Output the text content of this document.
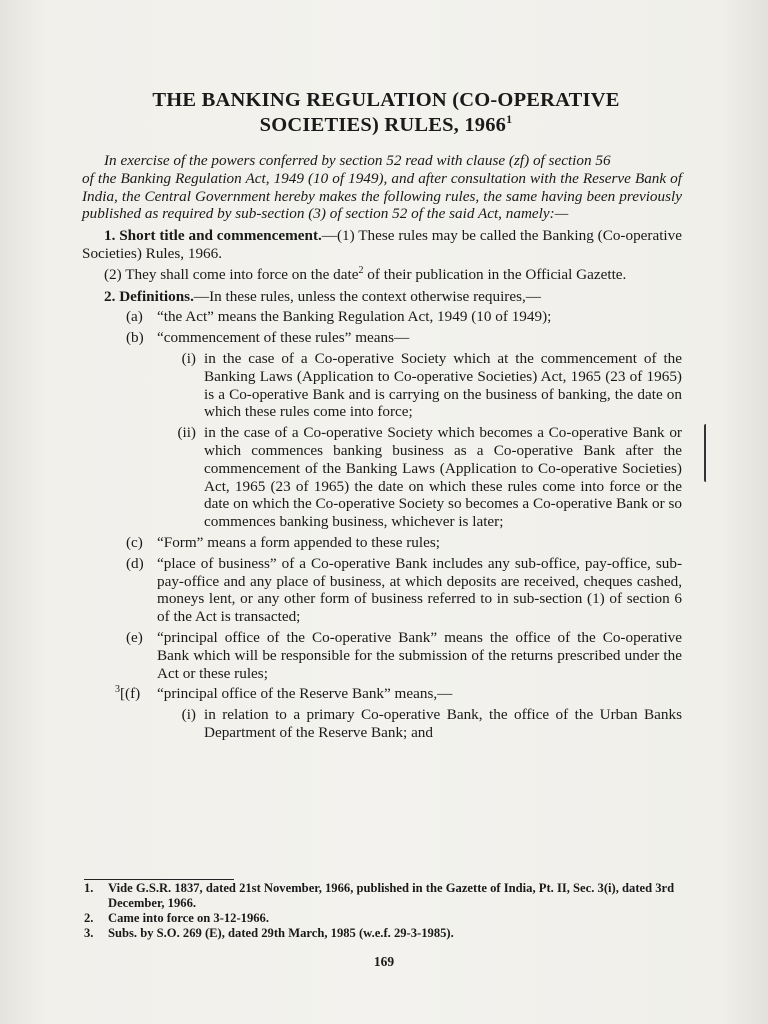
THE BANKING REGULATION (CO-OPERATIVE
SOCIETIES) RULES, 1966$^1$

In exercise of the powers conferred by section 52 read with clause (zf) of section 56
of the Banking Regulation Act, 1949 (10 of 1949), and after consultation with the Reserve Bank of India, the Central Government hereby makes the following rules, the same having been previously published as required by sub-section (3) of section 52 of the said Act, namely:—

1. Short title and commencement.—(1) These rules may be called the Banking (Co-operative Societies) Rules, 1966.

(2) They shall come into force on the date$^2$ of their publication in the Official Gazette.

2. Definitions.—In these rules, unless the context otherwise requires,—

(a) “the Act” means the Banking Regulation Act, 1949 (10 of 1949);
(b) “commencement of these rules” means—
(i) in the case of a Co-operative Society which at the commencement of the Banking Laws (Application to Co-operative Societies) Act, 1965 (23 of 1965) is a Co-operative Bank and is carrying on the business of banking, the date on which these rules come into force;
(ii) in the case of a Co-operative Society which becomes a Co-operative Bank or which commences banking business as a Co-operative Bank after the commencement of the Banking Laws (Application to Co-operative Societies) Act, 1965 (23 of 1965) the date on which these rules come into force or the date on which the Co-operative Society so becomes a Co-operative Bank or so commences banking business, whichever is later;
(c) “Form” means a form appended to these rules;
(d) “place of business” of a Co-operative Bank includes any sub-office, pay-office, sub-pay-office and any place of business, at which deposits are received, cheques cashed, moneys lent, or any other form of business referred to in sub-section (1) of section 6 of the Act is transacted;
(e) “principal office of the Co-operative Bank” means the office of the Co-operative Bank which will be responsible for the submission of the returns prescribed under the Act or these rules;
$^3$[(f) “principal office of the Reserve Bank” means,—
(i) in relation to a primary Co-operative Bank, the office of the Urban Banks Department of the Reserve Bank; and
1. Vide G.S.R. 1837, dated 21st November, 1966, published in the Gazette of India, Pt. II, Sec. 3(i), dated 3rd December, 1966.
2. Came into force on 3-12-1966.
3. Subs. by S.O. 269 (E), dated 29th March, 1985 (w.e.f. 29-3-1985).
169
